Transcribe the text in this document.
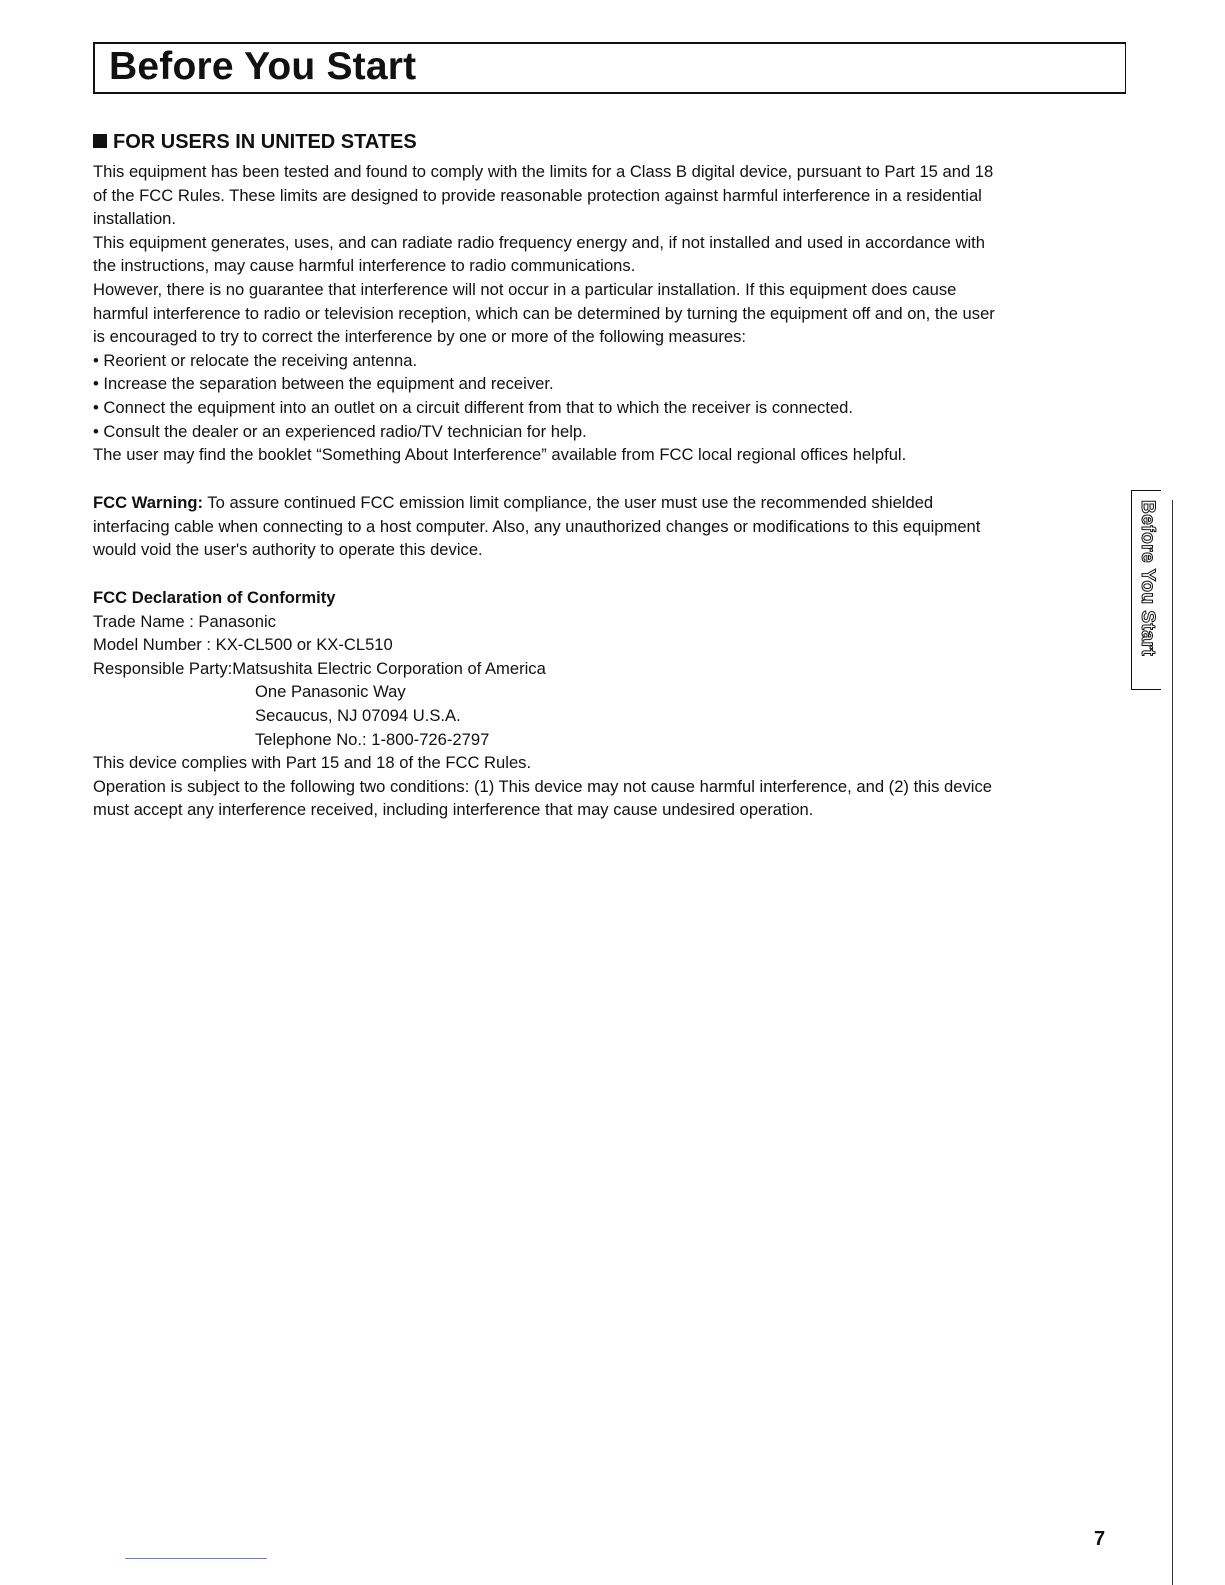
Before You Start
FOR USERS IN UNITED STATES
This equipment has been tested and found to comply with the limits for a Class B digital device, pursuant to Part 15 and 18
of the FCC Rules. These limits are designed to provide reasonable protection against harmful interference in a residential
installation.
This equipment generates, uses, and can radiate radio frequency energy and, if not installed and used in accordance with
the instructions, may cause harmful interference to radio communications.
However, there is no guarantee that interference will not occur in a particular installation. If this equipment does cause
harmful interference to radio or television reception, which can be determined by turning the equipment off and on, the user
is encouraged to try to correct the interference by one or more of the following measures:
• Reorient or relocate the receiving antenna.
• Increase the separation between the equipment and receiver.
• Connect the equipment into an outlet on a circuit different from that to which the receiver is connected.
• Consult the dealer or an experienced radio/TV technician for help.
The user may find the booklet “Something About Interference” available from FCC local regional offices helpful.
FCC Warning: To assure continued FCC emission limit compliance, the user must use the recommended shielded
interfacing cable when connecting to a host computer. Also, any unauthorized changes or modifications to this equipment
would void the user's authority to operate this device.
FCC Declaration of Conformity
Trade Name : Panasonic
Model Number : KX-CL500 or KX-CL510
Responsible Party:Matsushita Electric Corporation of America
One Panasonic Way
Secaucus, NJ 07094 U.S.A.
Telephone No.: 1-800-726-2797
This device complies with Part 15 and 18 of the FCC Rules.
Operation is subject to the following two conditions: (1) This device may not cause harmful interference, and (2) this device
must accept any interference received, including interference that may cause undesired operation.
Before You Start
7
